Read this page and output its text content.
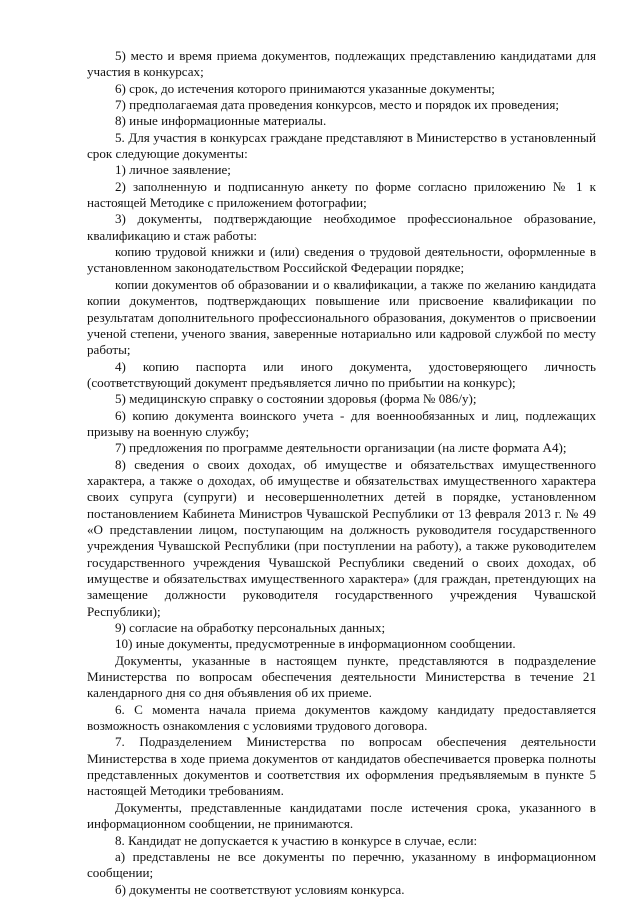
5) место и время приема документов, подлежащих представлению кандидатами для участия в конкурсах;

6) срок, до истечения которого принимаются указанные документы;

7) предполагаемая дата проведения конкурсов, место и порядок их проведения;

8) иные информационные материалы.

5. Для участия в конкурсах граждане представляют в Министерство в установленный срок следующие документы:

1) личное заявление;

2) заполненную и подписанную анкету по форме согласно приложению № 1 к настоящей Методике с приложением фотографии;

3) документы, подтверждающие необходимое профессиональное образование, квалификацию и стаж работы:

копию трудовой книжки и (или) сведения о трудовой деятельности, оформленные в установленном законодательством Российской Федерации порядке;

копии документов об образовании и о квалификации, а также по желанию кандидата копии документов, подтверждающих повышение или присвоение квалификации по результатам дополнительного профессионального образования, документов о присвоении ученой степени, ученого звания, заверенные нотариально или кадровой службой по месту работы;

4) копию паспорта или иного документа, удостоверяющего личность (соответствующий документ предъявляется лично по прибытии на конкурс);

5) медицинскую справку о состоянии здоровья (форма № 086/у);

6) копию документа воинского учета - для военнообязанных и лиц, подлежащих призыву на военную службу;

7) предложения по программе деятельности организации (на листе формата А4);

8) сведения о своих доходах, об имуществе и обязательствах имущественного характера, а также о доходах, об имуществе и обязательствах имущественного характера своих супруга (супруги) и несовершеннолетних детей в порядке, установленном постановлением Кабинета Министров Чувашской Республики от 13 февраля 2013 г. № 49 «О представлении лицом, поступающим на должность руководителя государственного учреждения Чувашской Республики (при поступлении на работу), а также руководителем государственного учреждения Чувашской Республики сведений о своих доходах, об имуществе и обязательствах имущественного характера» (для граждан, претендующих на замещение должности руководителя государственного учреждения Чувашской Республики);

9) согласие на обработку персональных данных;

10) иные документы, предусмотренные в информационном сообщении.

Документы, указанные в настоящем пункте, представляются в подразделение Министерства по вопросам обеспечения деятельности Министерства в течение 21 календарного дня со дня объявления об их приеме.

6. С момента начала приема документов каждому кандидату предоставляется возможность ознакомления с условиями трудового договора.

7. Подразделением Министерства по вопросам обеспечения деятельности Министерства в ходе приема документов от кандидатов обеспечивается проверка полноты представленных документов и соответствия их оформления предъявляемым в пункте 5 настоящей Методики требованиям.

Документы, представленные кандидатами после истечения срока, указанного в информационном сообщении, не принимаются.

8. Кандидат не допускается к участию в конкурсе в случае, если:

а) представлены не все документы по перечню, указанному в информационном сообщении;

б) документы не соответствуют условиям конкурса.
